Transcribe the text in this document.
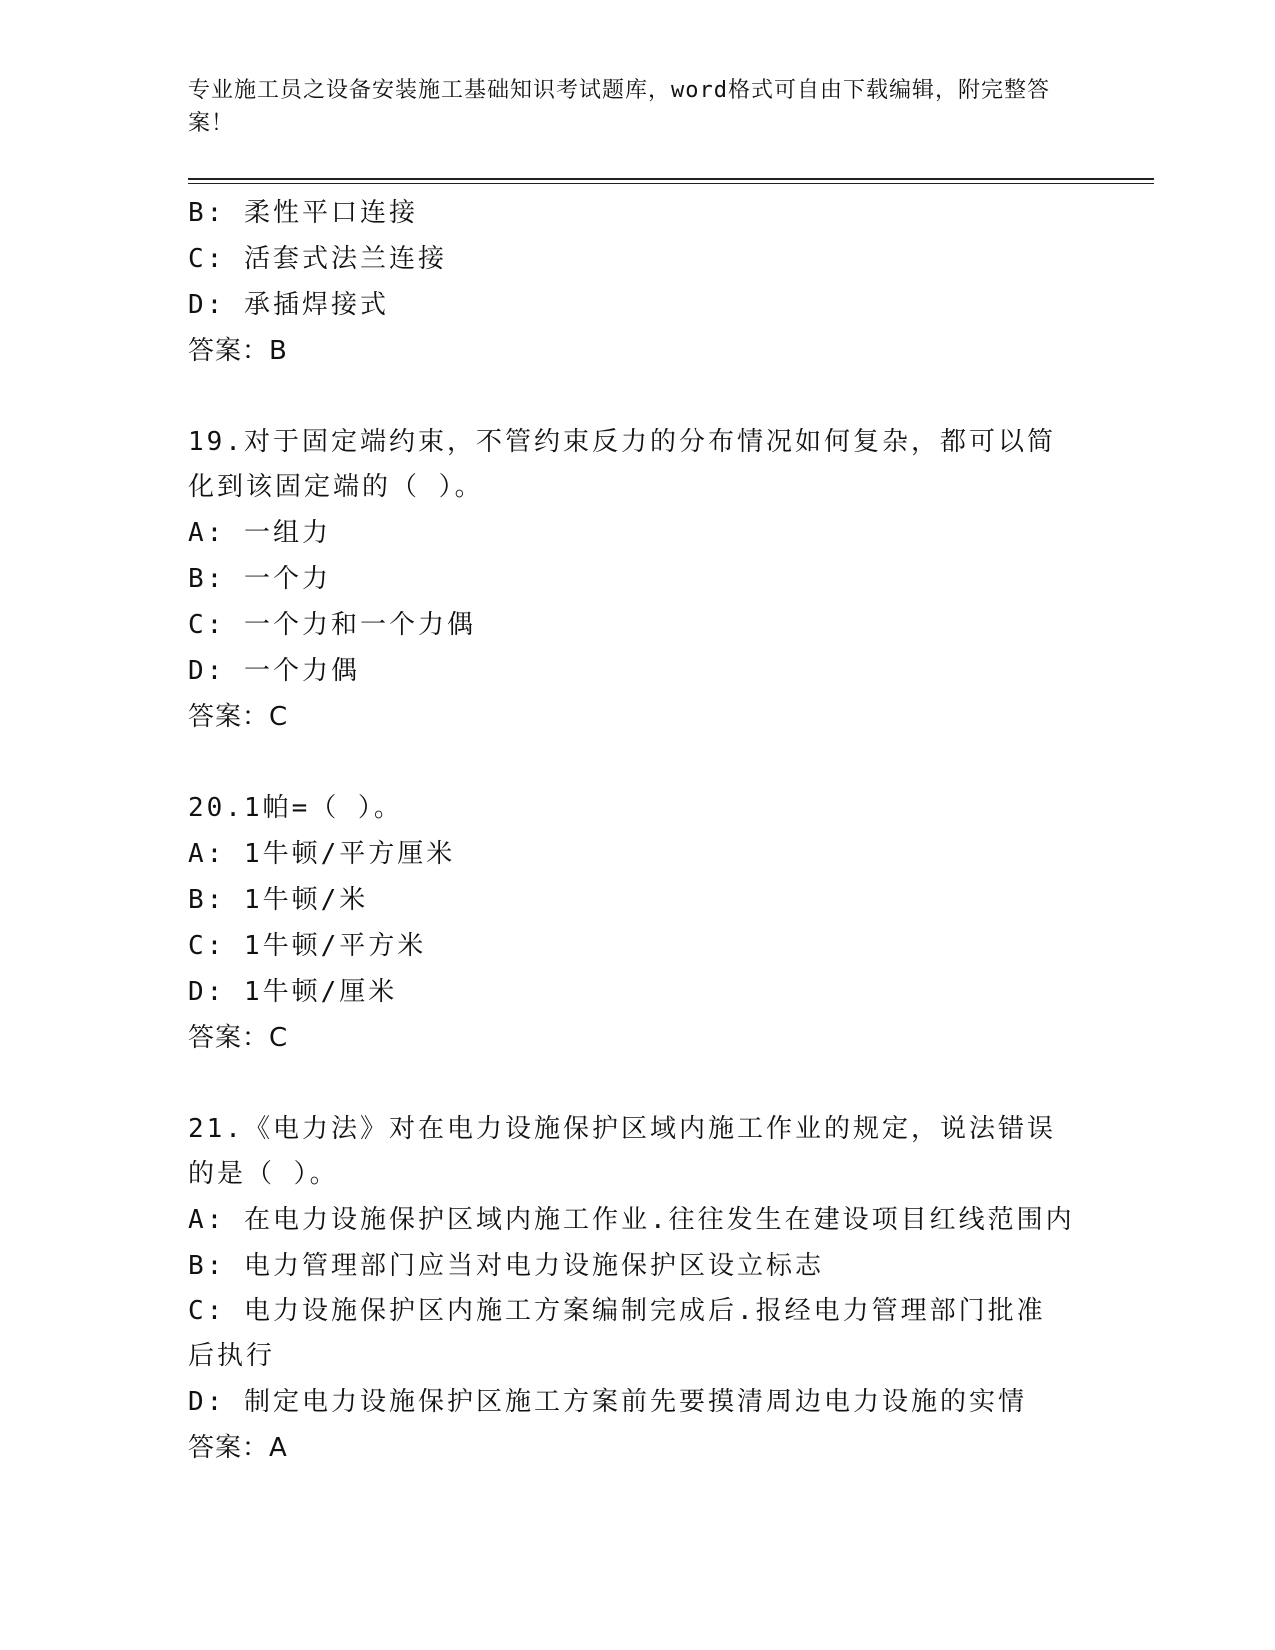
专业施工员之设备安装施工基础知识考试题库，word格式可自由下载编辑，附完整答案！
B: 柔性平口连接
C: 活套式法兰连接
D: 承插焊接式
答案：B
19.对于固定端约束，不管约束反力的分布情况如何复杂，都可以简化到该固定端的（ ）。
A: 一组力
B: 一个力
C: 一个力和一个力偶
D: 一个力偶
答案：C
20.1帕=（ ）。
A: 1牛顿/平方厘米
B: 1牛顿/米
C: 1牛顿/平方米
D: 1牛顿/厘米
答案：C
21.《电力法》对在电力设施保护区域内施工作业的规定，说法错误的是（ ）。
A: 在电力设施保护区域内施工作业.往往发生在建设项目红线范围内
B: 电力管理部门应当对电力设施保护区设立标志
C: 电力设施保护区内施工方案编制完成后.报经电力管理部门批准后执行
D: 制定电力设施保护区施工方案前先要摸清周边电力设施的实情
答案：A
